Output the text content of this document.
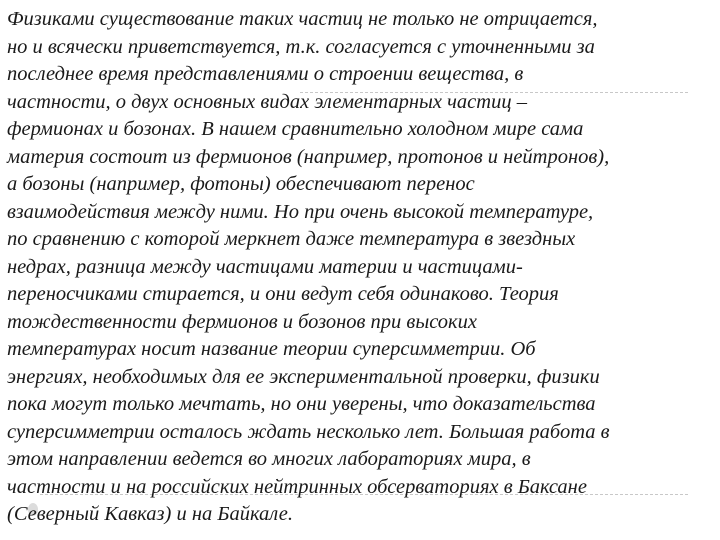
Физиками существование таких частиц не только не отрицается,
но и всячески приветствуется, т.к. согласуется с уточненными за
последнее время представлениями о строении вещества, в
частности, о двух основных видах элементарных частиц –
фермионах и бозонах. В нашем сравнительно холодном мире сама
материя состоит из фермионов (например, протонов и нейтронов),
а бозоны (например, фотоны) обеспечивают перенос
взаимодействия между ними. Но при очень высокой температуре,
по сравнению с которой меркнет даже температура в звездных
недрах, разница между частицами материи и частицами-
переносчиками стирается, и они ведут себя одинаково. Теория
тождественности фермионов и бозонов при высоких
температурах носит название теории суперсимметрии. Об
энергиях, необходимых для ее экспериментальной проверки, физики
пока могут только мечтать, но они уверены, что доказательства
суперсимметрии осталось ждать несколько лет. Большая работа в
этом направлении ведется во многих лабораториях мира, в
частности и на российских нейтринных обсерваториях в Баксане
(Северный Кавказ) и на Байкале.
